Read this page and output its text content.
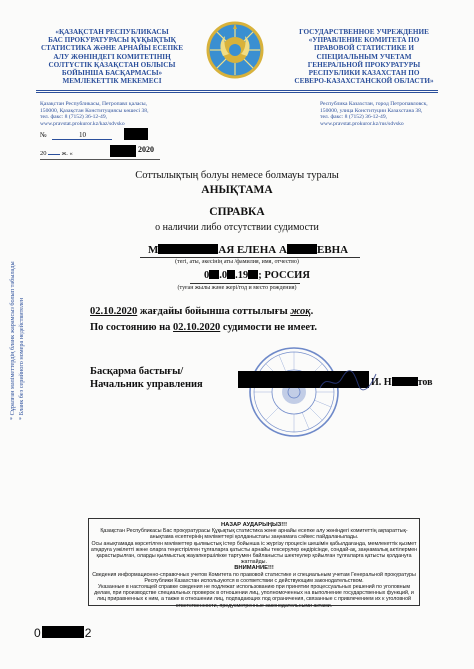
«ҚАЗАҚСТАН РЕСПУБЛИКАСЫ
БАС ПРОКУРАТУРАСЫ ҚҰҚЫҚТЫҚ
СТАТИСТИКА ЖӘНЕ АРНАЙЫ ЕСЕПКЕ
АЛУ ЖӨНІНДЕГІ КОМИТЕТІНІҢ
СОЛТҮСТІК ҚАЗАҚСТАН ОБЛЫСЫ
БОЙЫНША БАСҚАРМАСЫ»
МЕМЛЕКЕТТІК МЕКЕМЕСІ
ГОСУДАРСТВЕННОЕ УЧРЕЖДЕНИЕ
«УПРАВЛЕНИЕ КОМИТЕТА ПО
ПРАВОВОЙ СТАТИСТИКЕ И
СПЕЦИАЛЬНЫМ УЧЕТАМ
ГЕНЕРАЛЬНОЙ ПРОКУРАТУРЫ
РЕСПУБЛИКИ КАЗАХСТАН ПО
СЕВЕРО-КАЗАХСТАНСКОЙ ОБЛАСТИ»
Қазақстан Республикасы, Петропавл қаласы,
150000, Қазақстан Конституциясы көшесі 38,
тел. факс: 8 (7152) 36-12-49,
www.pravstat.prokuror.kz/kaz/sdvsko
Республика Казахстан, город Петропавловск,
150000, улица Конституции Казахстана 38,
тел. факс: 8 (7152) 36-12-49,
www.pravstat.prokuror.kz/rus/sdvsko
№	10
20 ж. «	2020
* Сұралған мәліметтердің бланк жарамсыз болып табылады * Бланк без серийного номера недействителен
Соттылықтың болуы немесе болмауы туралы
АНЫҚТАМА
СПРАВКА
о наличии либо отсутствии судимости
М	АЯ ЕЛЕНА А	ЕВНА
(тегі, аты, әкесінің аты /фамилия, имя, отчество)
0 .0 .19 ; РОССИЯ
(туған жылы және жері/год и место рождения)
02.10.2020 жағдайы бойынша соттылығы жоқ.
По состоянию на 02.10.2020 судимости не имеет.
Басқарма бастығы/
Начальник управления	И. Н	тов

НАЗАР АУДАРЫҢЫЗ!!!

Қазақстан Республикасы Бас прокуратурасы Құқықтық статистика және арнайы есепке алу жөніндегі комитеттің ақпараттық-анықтама есептерінің мәліметтері қолданыстағы заңнамаға сәйкес пайдаланылады.

Осы анықтамада көрсетілген мәліметтер қылмыстық істер бойынша іс жүргізу процесін шешімін қабылдағанда, мемлекеттік қызмет атқаруға уәкілетті және оларга теңестірілген тұлғаларға қатысты арнайы тексерулер өндірісінде, сондай-ақ, заңнамалық актілермен қарастырылған, оларды қылмыстық жауапкершілікке тартумен байланысты шектеулер қойылған тұлғаларға қатысты қолдануға жатпайды.

ВНИМАНИЕ!!!

Сведения информационно-справочных учетов Комитета по правовой статистике и специальным учетам Генеральной прокуратуры Республики Казахстан используются в соответствии с действующим законодательством.

Указанные в настоящей справке сведения не подлежат использованию при принятии процессуальных решений по уголовным делам, при производстве специальных проверок в отношении лиц, уполномоченных на выполнение государственных функций, и лиц приравненных к ним, а также в отношении лиц, подпадающих под ограничения, связанные с привлечением их к уголовной ответственности, предусмотренные законодательными актами.

0	2
